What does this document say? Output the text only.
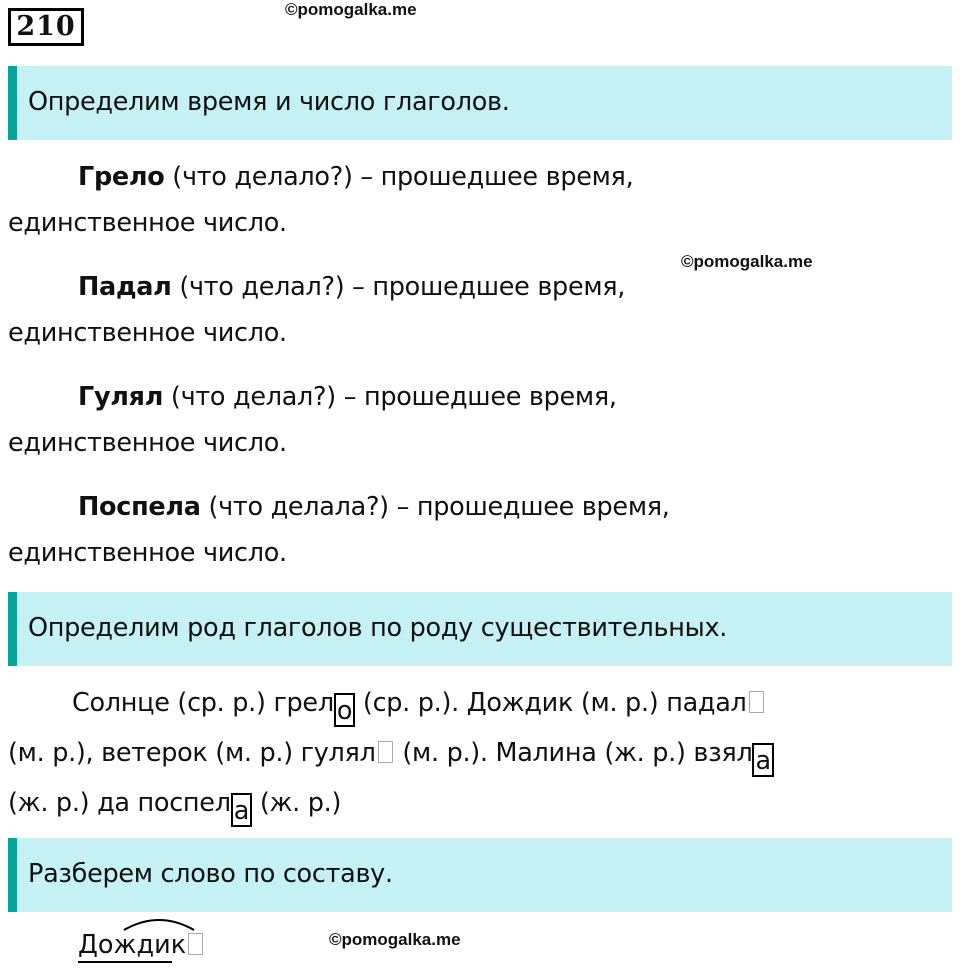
210
©pomogalka.me
Определим время и число глаголов.
Грело (что делало?) – прошедшее время,
единственное число.
©pomogalka.me
Падал (что делал?) – прошедшее время,
единственное число.
Гулял (что делал?) – прошедшее время,
единственное число.
Поспела (что делала?) – прошедшее время,
единственное число.
Определим род глаголов по роду существительных.
Солнце (ср. р.) грел о (ср. р.). Дождик (м. р.) падал
(м. р.), ветерок (м. р.) гулял (м. р.). Малина (ж. р.) взял а
(ж. р.) да поспел а (ж. р.)
Разберем слово по составу.
Дождик	©pomogalka.me
